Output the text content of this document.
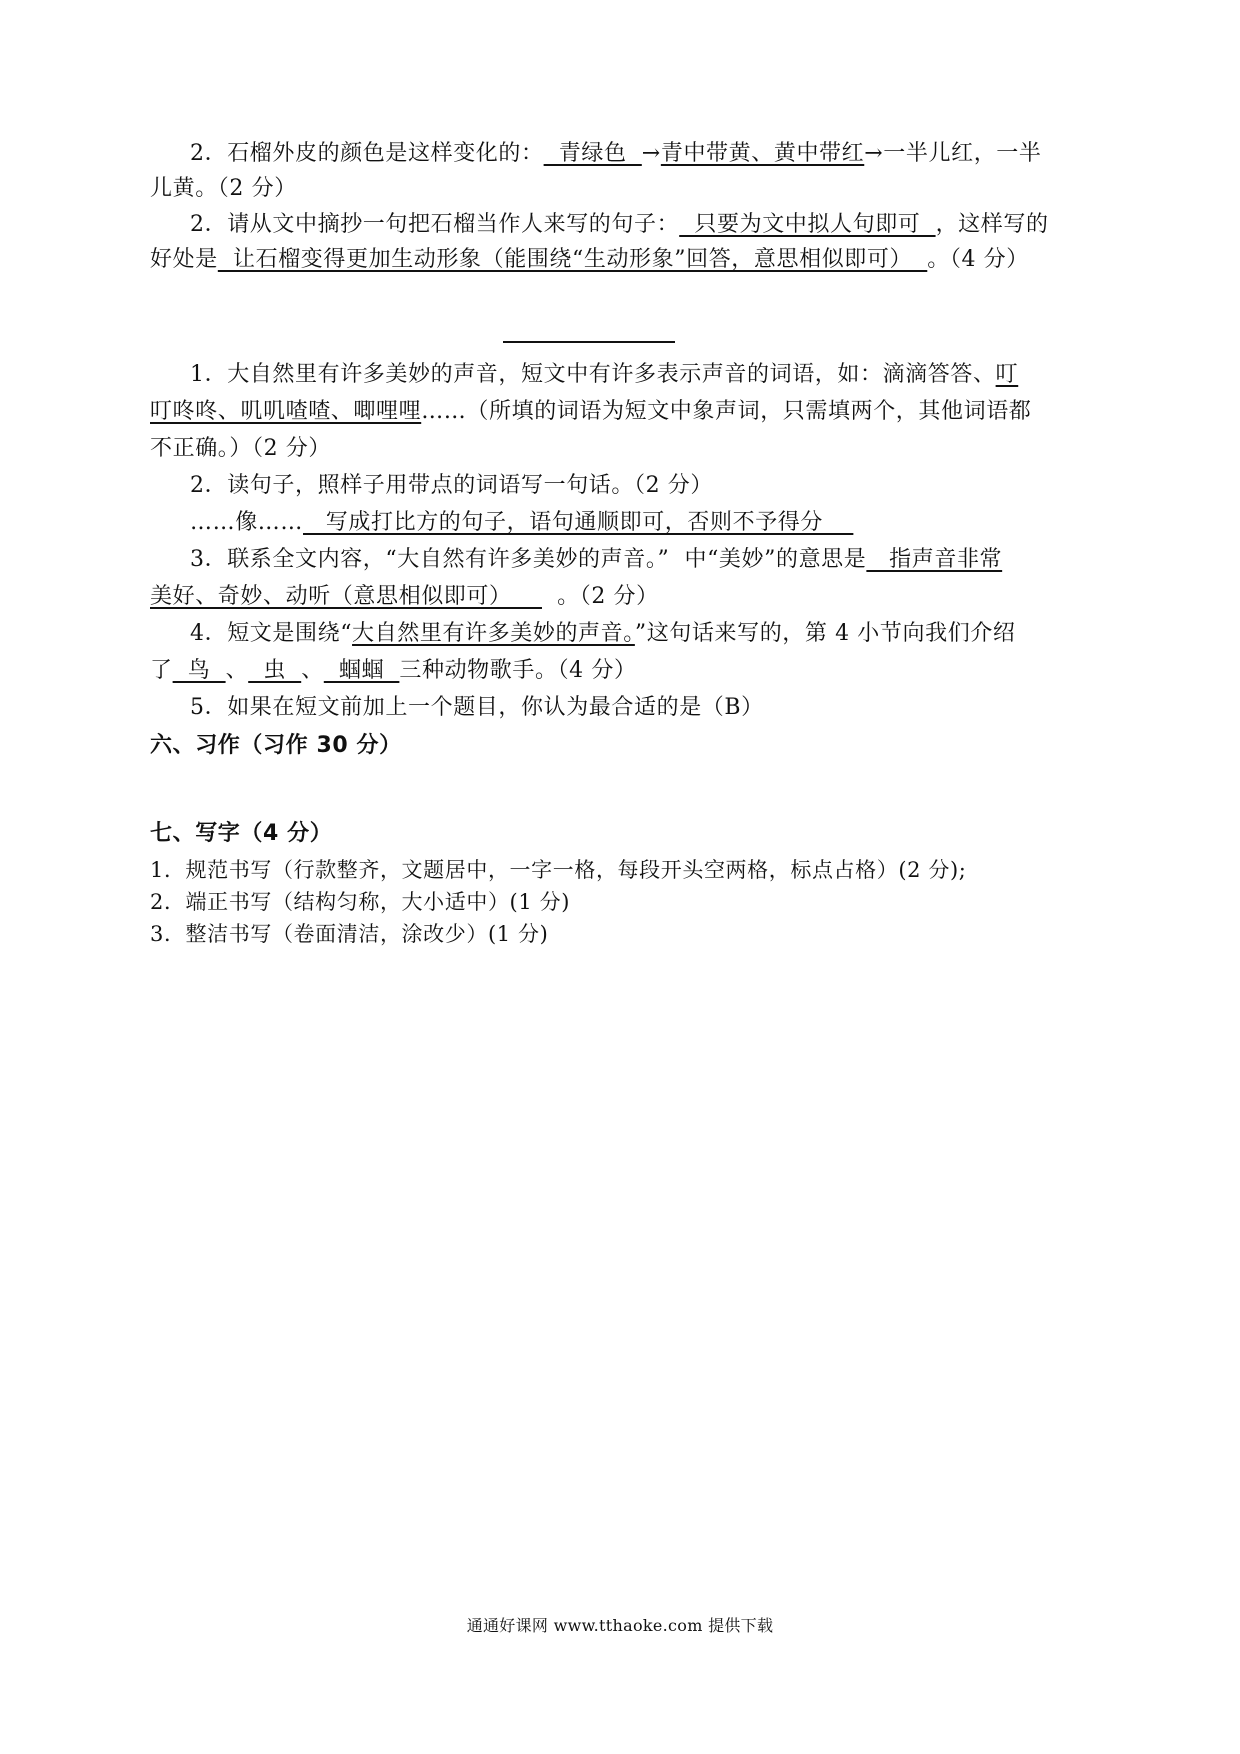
2．石榴外皮的颜色是这样变化的：  青绿色  →青中带黄、黄中带红→一半儿红，一半
儿黄。（2 分）
2．请从文中摘抄一句把石榴当作人来写的句子：  只要为文中拟人句即可  ，这样写的
好处是  让石榴变得更加生动形象（能围绕“生动形象”回答，意思相似即可）  。（4 分）
1．大自然里有许多美妙的声音，短文中有许多表示声音的词语，如：滴滴答答、叮
叮咚咚、叽叽喳喳、唧哩哩……（所填的词语为短文中象声词，只需填两个，其他词语都
不正确。）（2 分）
2．读句子，照样子用带点的词语写一句话。（2 分）
……像……   写成打比方的句子，语句通顺即可，否则不予得分
3．联系全文内容，“大自然有许多美妙的声音。”  中“美妙”的意思是   指声音非常
美好、奇妙、动听（意思相似即可）      。（2 分）
4．短文是围绕“大自然里有许多美妙的声音。”这句话来写的，第 4 小节向我们介绍
了  鸟  、  虫  、  蝈蝈  三种动物歌手。（4 分）
5．如果在短文前加上一个题目，你认为最合适的是（B）
六、习作（习作 30 分）
七、写字（4 分）
1．规范书写（行款整齐，文题居中，一字一格，每段开头空两格，标点占格）(2 分);
2．端正书写（结构匀称，大小适中）(1 分)
3．整洁书写（卷面清洁，涂改少）(1 分)
通通好课网 www.tthaoke.com 提供下载
